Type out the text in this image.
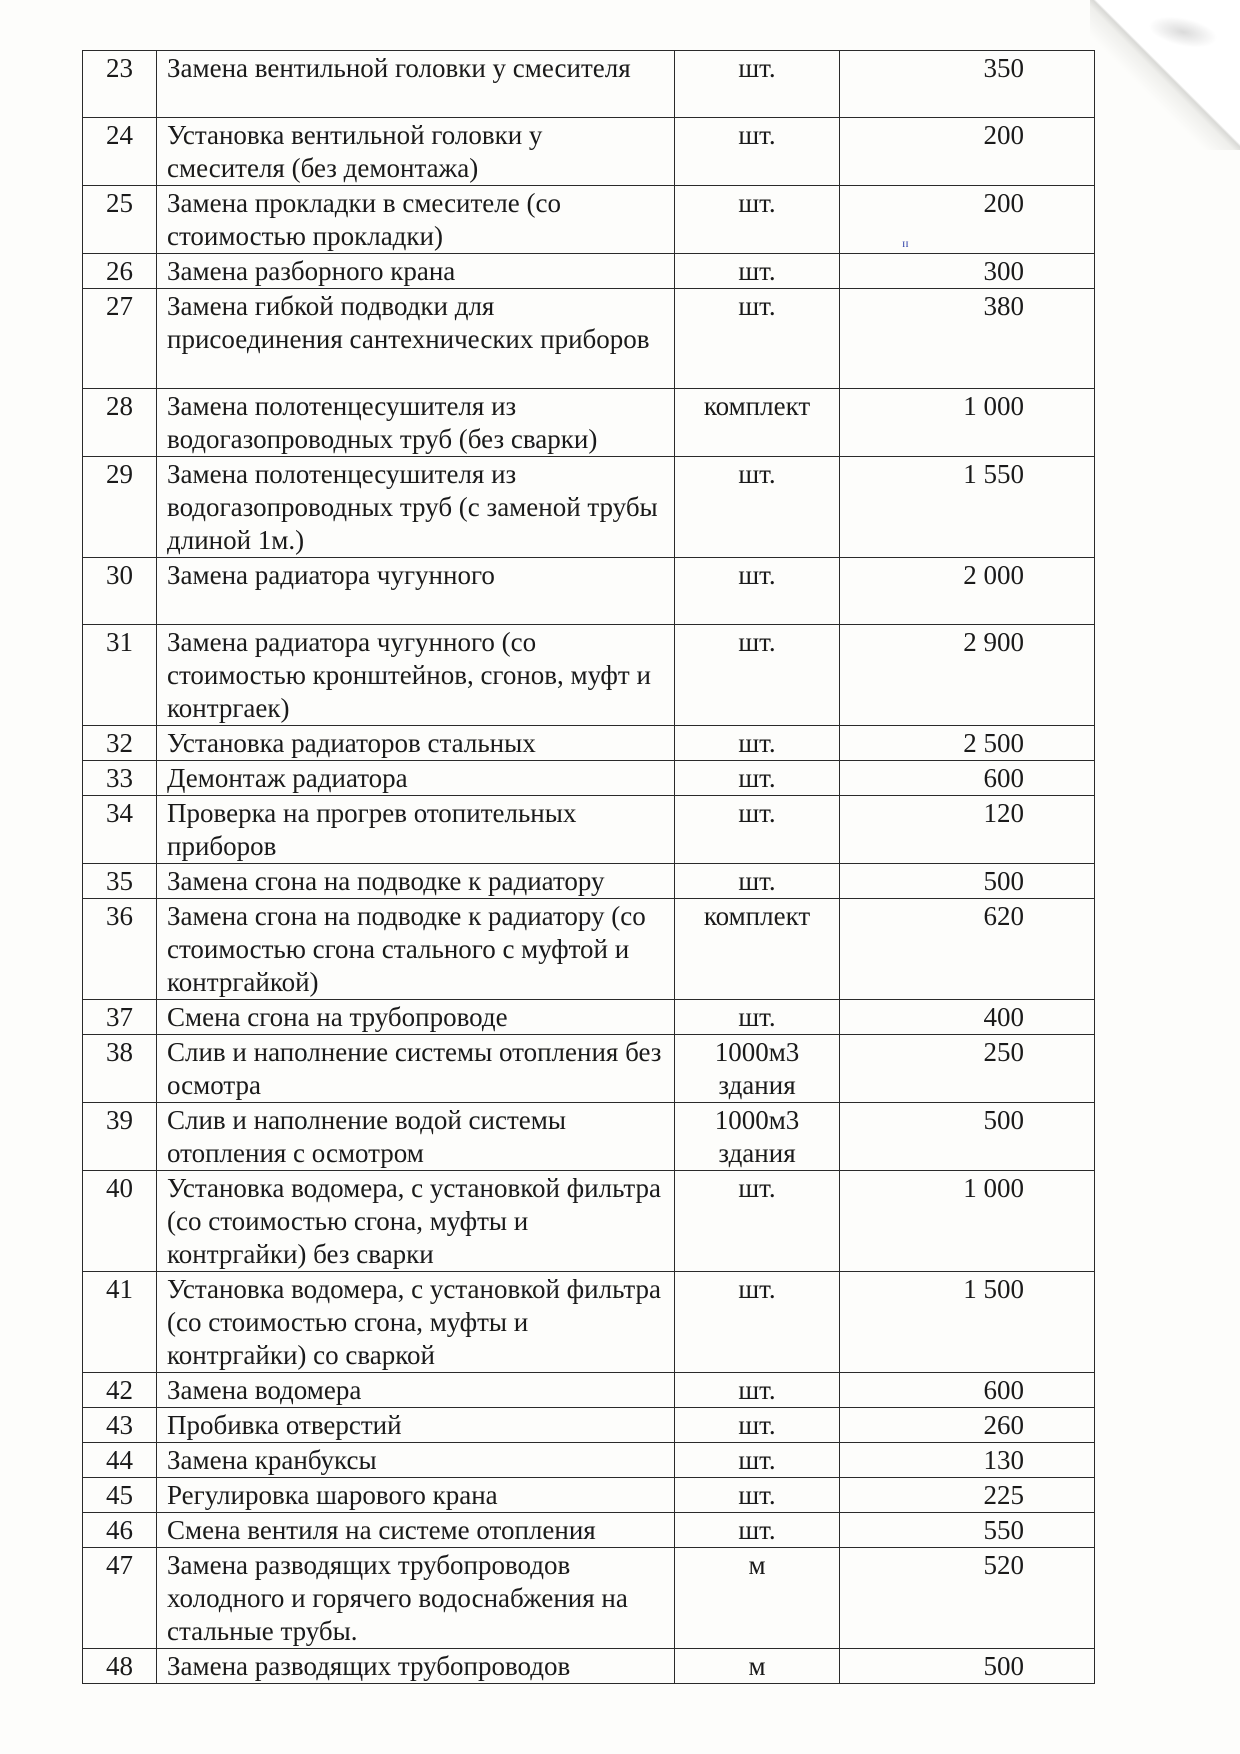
ɪɪ
23	Замена вентильной головки у смесителя	шт.	350
24	Установка вентильной головки у смесителя (без демонтажа)	шт.	200
25	Замена прокладки в смесителе (со стоимостью прокладки)	шт.	200
26	Замена разборного крана	шт.	300
27	Замена гибкой подводки для присоединения сантехнических приборов	шт.	380
28	Замена полотенцесушителя из водогазопроводных труб (без сварки)	комплект	1 000
29	Замена полотенцесушителя из водогазопроводных труб (с заменой трубы длиной 1м.)	шт.	1 550
30	Замена радиатора чугунного	шт.	2 000
31	Замена радиатора чугунного (со стоимостью кронштейнов, сгонов, муфт и контргаек)	шт.	2 900
32	Установка радиаторов стальных	шт.	2 500
33	Демонтаж радиатора	шт.	600
34	Проверка на прогрев отопительных приборов	шт.	120
35	Замена сгона на подводке к радиатору	шт.	500
36	Замена сгона на подводке к радиатору (со стоимостью сгона стального с муфтой и контргайкой)	комплект	620
37	Смена сгона на трубопроводе	шт.	400
38	Слив и наполнение системы отопления без осмотра	1000м3 здания	250
39	Слив и наполнение водой системы отопления с осмотром	1000м3 здания	500
40	Установка водомера, с установкой фильтра (со стоимостью сгона, муфты и контргайки) без сварки	шт.	1 000
41	Установка водомера, с установкой фильтра (со стоимостью сгона, муфты и контргайки) со сваркой	шт.	1 500
42	Замена водомера	шт.	600
43	Пробивка отверстий	шт.	260
44	Замена кранбуксы	шт.	130
45	Регулировка шарового крана	шт.	225
46	Смена вентиля на системе отопления	шт.	550
47	Замена разводящих трубопроводов холодного и горячего водоснабжения на стальные трубы.	м	520
48	Замена разводящих трубопроводов	м	500
